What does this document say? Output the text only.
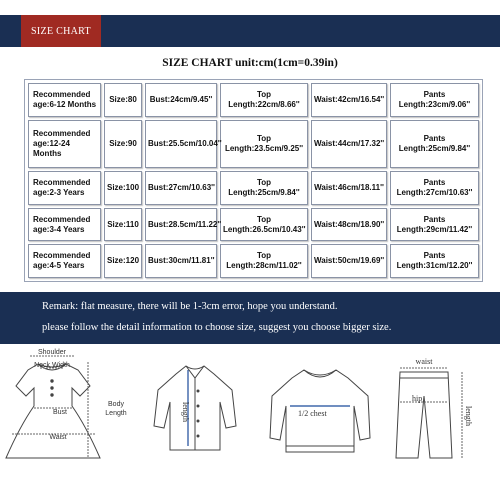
SIZE CHART
SIZE CHART unit:cm(1cm=0.39in)
Recommended age:6-12 Months	Size:80	Bust:24cm/9.45''	Top Length:22cm/8.66''	Waist:42cm/16.54''	Pants Length:23cm/9.06''
Recommended age:12-24 Months	Size:90	Bust:25.5cm/10.04''	Top Length:23.5cm/9.25''	Waist:44cm/17.32''	Pants Length:25cm/9.84''
Recommended age:2-3 Years	Size:100	Bust:27cm/10.63''	Top Length:25cm/9.84''	Waist:46cm/18.11''	Pants Length:27cm/10.63''
Recommended age:3-4 Years	Size:110	Bust:28.5cm/11.22''	Top Length:26.5cm/10.43''	Waist:48cm/18.90''	Pants Length:29cm/11.42''
Recommended age:4-5 Years	Size:120	Bust:30cm/11.81''	Top Length:28cm/11.02''	Waist:50cm/19.69''	Pants Length:31cm/12.20''
Remark: flat measure, there will be 1-3cm error, hope you understand.
please follow the detail information to choose size, suggest you choose bigger size.
Shoulder
Neck Width
Bust
Waist
Body
Length	length	1/2 chest
waist
hip
length
